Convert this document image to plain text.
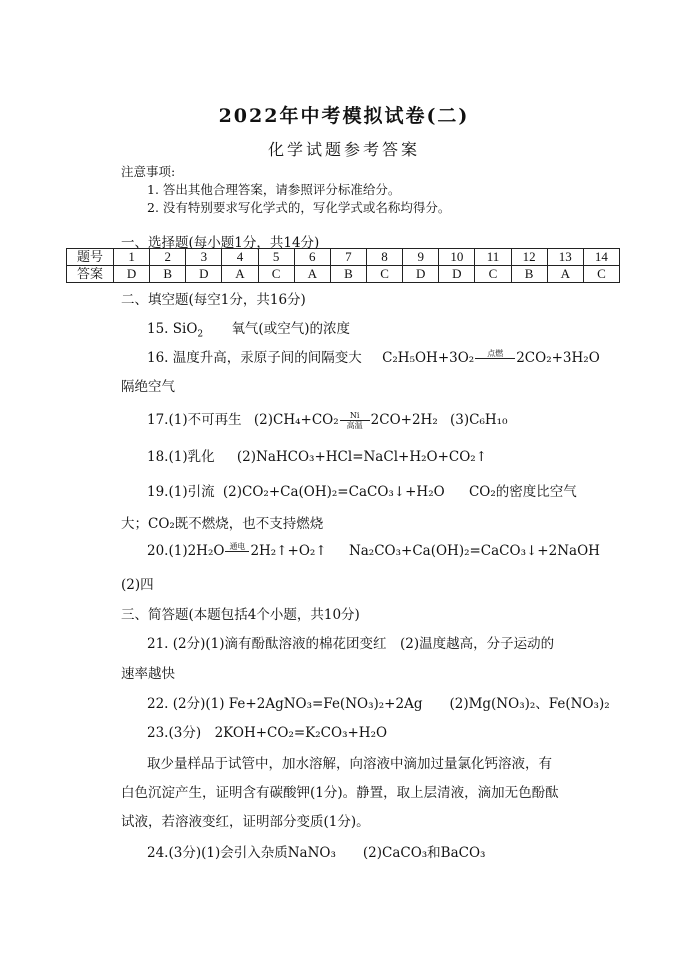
2022年中考模拟试卷(二)
化学试题参考答案
注意事项:
1. 答出其他合理答案，请参照评分标准给分。
2. 没有特别要求写化学式的，写化学式或名称均得分。
一、选择题(每小题1分，共14分)
题号	1	2	3	4	5	6	7	8	9	10	11	12	13	14
答案	D	B	D	A	C	A	B	C	D	D	C	B	A	C
二、填空题(每空1分，共16分)
15. SiO$_2$ 氧气(或空气)的浓度
16. 温度升高，汞原子间的间隔变大 C₂H₅OH+3O₂	点燃
2CO₂+3H₂O
隔绝空气
17.(1)不可再生 (2)CH₄+CO₂	Ni
高温 2CO+2H₂ (3)C₆H₁₀
18.(1)乳化 (2)NaHCO₃+HCl=NaCl+H₂O+CO₂↑
19.(1)引流 (2)CO₂+Ca(OH)₂=CaCO₃↓+H₂O CO₂的密度比空气
大；CO₂既不燃烧，也不支持燃烧
20.(1)2H₂O 通电
2H₂↑+O₂↑ Na₂CO₃+Ca(OH)₂=CaCO₃↓+2NaOH
(2)四
三、简答题(本题包括4个小题，共10分)
21. (2分)(1)滴有酚酞溶液的棉花团变红　(2)温度越高，分子运动的
速率越快
22. (2分)(1) Fe+2AgNO₃=Fe(NO₃)₂+2Ag　　(2)Mg(NO₃)₂、Fe(NO₃)₂
23.(3分)　2KOH+CO₂=K₂CO₃+H₂O
取少量样品于试管中，加水溶解，向溶液中滴加过量氯化钙溶液，有
白色沉淀产生，证明含有碳酸钾(1分)。静置，取上层清液，滴加无色酚酞
试液，若溶液变红，证明部分变质(1分)。
24.(3分)(1)会引入杂质NaNO₃　　(2)CaCO₃和BaCO₃
